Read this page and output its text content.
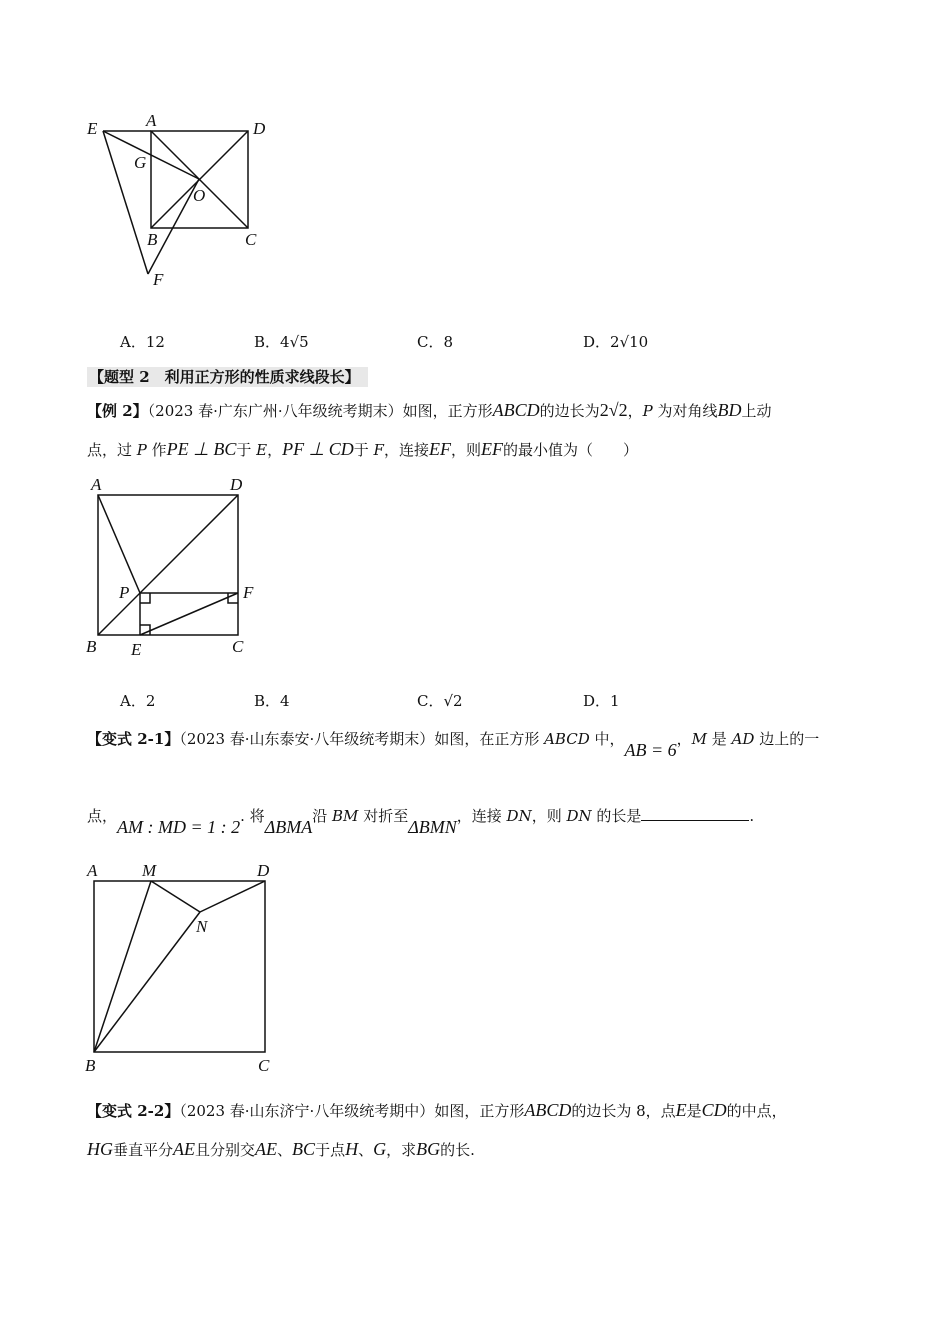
E	A	D
G
O
B	C
F
A．12	B．4√5	C．8	D．2√10
【题型 2　利用正方形的性质求线段长】
【例 2】（2023 春·广东广州·八年级统考期末）如图，正方形ABCD的边长为2√2，P 为对角线BD上动
点，过 P 作PE ⊥ BC于 E，PF ⊥ CD于 F，连接EF，则EF的最小值为（　　）
A	D
P	F
B E	C
A．2	B．4	C．√2	D．1
【变式 2-1】（2023 春·山东泰安·八年级统考期末）如图，在正方形 ABCD 中，AB = 6，M 是 AD 边上的一
点，AM : MD = 1 : 2. 将ΔBMA沿 BM 对折至ΔBMN，连接 DN，则 DN 的长是	.
A	M	D
N
B	C
【变式 2-2】（2023 春·山东济宁·八年级统考期中）如图，正方形ABCD的边长为 8，点E是CD的中点，
HG垂直平分AE且分别交AE、BC于点H、G，求BG的长.
